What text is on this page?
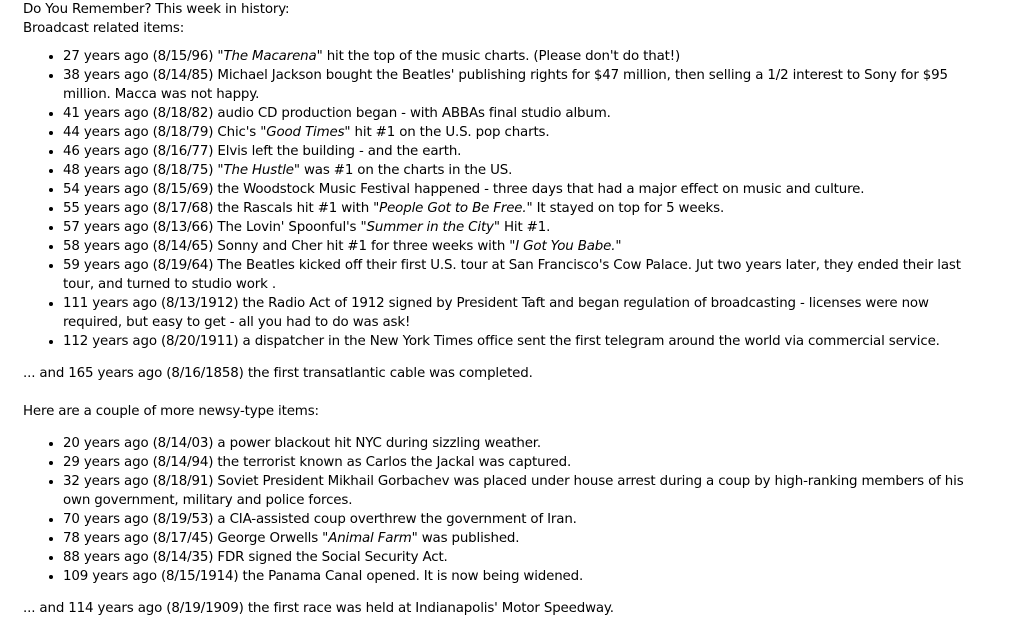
Do You Remember? This week in history:

Broadcast related items:

• 27 years ago (8/15/96) "The Macarena" hit the top of the music charts. (Please don't do that!)
• 38 years ago (8/14/85) Michael Jackson bought the Beatles' publishing rights for $47 million, then selling a 1/2 interest to Sony for $95 million. Macca was not happy.
• 41 years ago (8/18/82) audio CD production began - with ABBAs final studio album.
• 44 years ago (8/18/79) Chic's "Good Times" hit #1 on the U.S. pop charts.
• 46 years ago (8/16/77) Elvis left the building - and the earth.
• 48 years ago (8/18/75) "The Hustle" was #1 on the charts in the US.
• 54 years ago (8/15/69) the Woodstock Music Festival happened - three days that had a major effect on music and culture.
• 55 years ago (8/17/68) the Rascals hit #1 with "People Got to Be Free." It stayed on top for 5 weeks.
• 57 years ago (8/13/66) The Lovin' Spoonful's "Summer in the City" Hit #1.
• 58 years ago (8/14/65) Sonny and Cher hit #1 for three weeks with "I Got You Babe."
• 59 years ago (8/19/64) The Beatles kicked off their first U.S. tour at San Francisco's Cow Palace. Jut two years later, they ended their last tour, and turned to studio work .
• 111 years ago (8/13/1912) the Radio Act of 1912 signed by President Taft and began regulation of broadcasting - licenses were now required, but easy to get - all you had to do was ask!
• 112 years ago (8/20/1911) a dispatcher in the New York Times office sent the first telegram around the world via commercial service.

... and 165 years ago (8/16/1858) the first transatlantic cable was completed.

Here are a couple of more newsy-type items:

• 20 years ago (8/14/03) a power blackout hit NYC during sizzling weather.
• 29 years ago (8/14/94) the terrorist known as Carlos the Jackal was captured.
• 32 years ago (8/18/91) Soviet President Mikhail Gorbachev was placed under house arrest during a coup by high-ranking members of his own government, military and police forces.
• 70 years ago (8/19/53) a CIA-assisted coup overthrew the government of Iran.
• 78 years ago (8/17/45) George Orwells "Animal Farm" was published.
• 88 years ago (8/14/35) FDR signed the Social Security Act.
• 109 years ago (8/15/1914) the Panama Canal opened. It is now being widened.

... and 114 years ago (8/19/1909) the first race was held at Indianapolis' Motor Speedway.
